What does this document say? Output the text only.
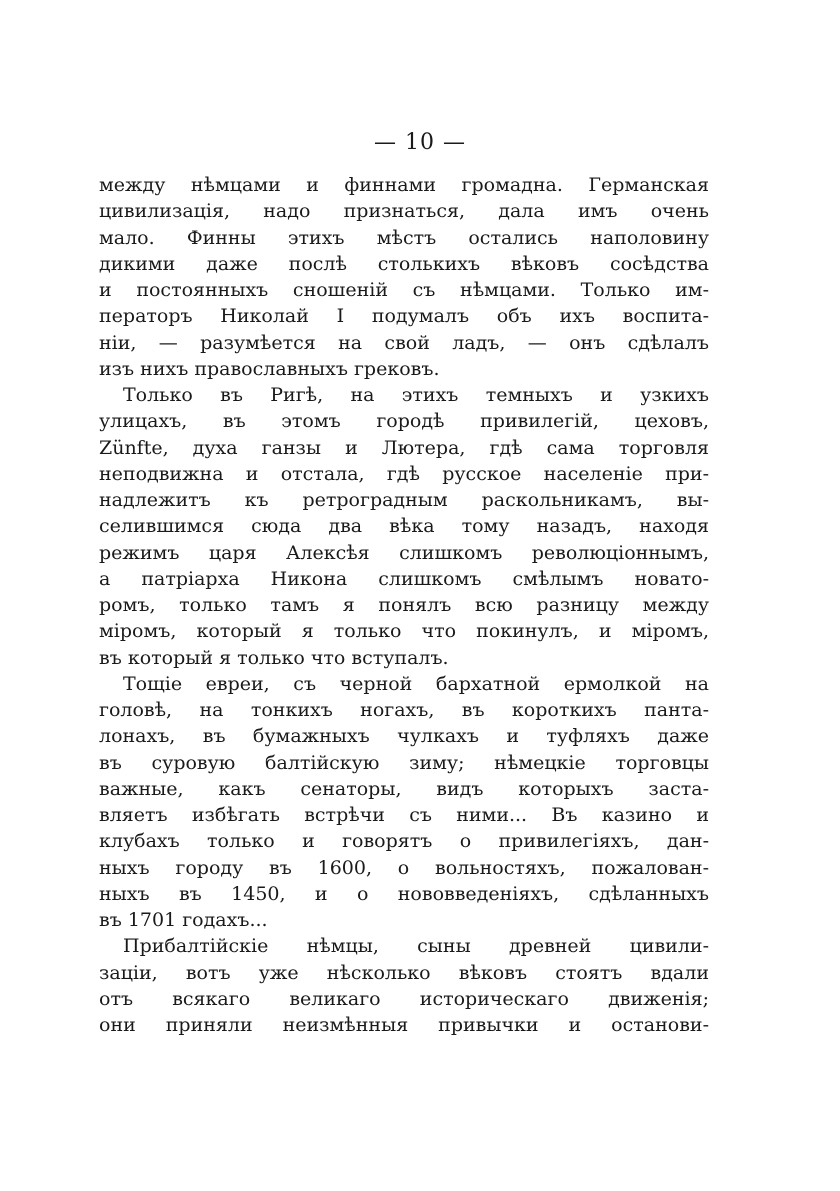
— 10 —
между нѣмцами и финнами громадна. Германская
цивилизація, надо признаться, дала имъ очень
мало. Финны этихъ мѣстъ остались наполовину
дикими даже послѣ столькихъ вѣковъ сосѣдства
и постоянныхъ сношеній съ нѣмцами. Только им-
ператоръ Николай I подумалъ объ ихъ воспита-
ніи, — разумѣется на свой ладъ, — онъ сдѣлалъ
изъ нихъ православныхъ грековъ.
Только въ Ригѣ, на этихъ темныхъ и узкихъ
улицахъ, въ этомъ городѣ привилегій, цеховъ,
Zünfte, духа ганзы и Лютера, гдѣ сама торговля
неподвижна и отстала, гдѣ русское населеніе при-
надлежитъ къ ретроградным раскольникамъ, вы-
селившимся сюда два вѣка тому назадъ, находя
режимъ царя Алексѣя слишкомъ революціоннымъ,
а патріарха Никона слишкомъ смѣлымъ новато-
ромъ, только тамъ я понялъ всю разницу между
міромъ, который я только что покинулъ, и міромъ,
въ который я только что вступалъ.
Тощіе евреи, съ черной бархатной ермолкой на
головѣ, на тонкихъ ногахъ, въ короткихъ панта-
лонахъ, въ бумажныхъ чулкахъ и туфляхъ даже
въ суровую балтійскую зиму; нѣмецкіе торговцы
важные, какъ сенаторы, видъ которыхъ заста-
вляетъ избѣгать встрѣчи съ ними... Въ казино и
клубахъ только и говорятъ о привилегіяхъ, дан-
ныхъ городу въ 1600, о вольностяхъ, пожалован-
ныхъ въ 1450, и о нововведеніяхъ, сдѣланныхъ
въ 1701 годахъ...
Прибалтійскіе нѣмцы, сыны древней цивили-
заціи, вотъ уже нѣсколько вѣковъ стоятъ вдали
отъ всякаго великаго историческаго движенія;
они приняли неизмѣнныя привычки и останови-
